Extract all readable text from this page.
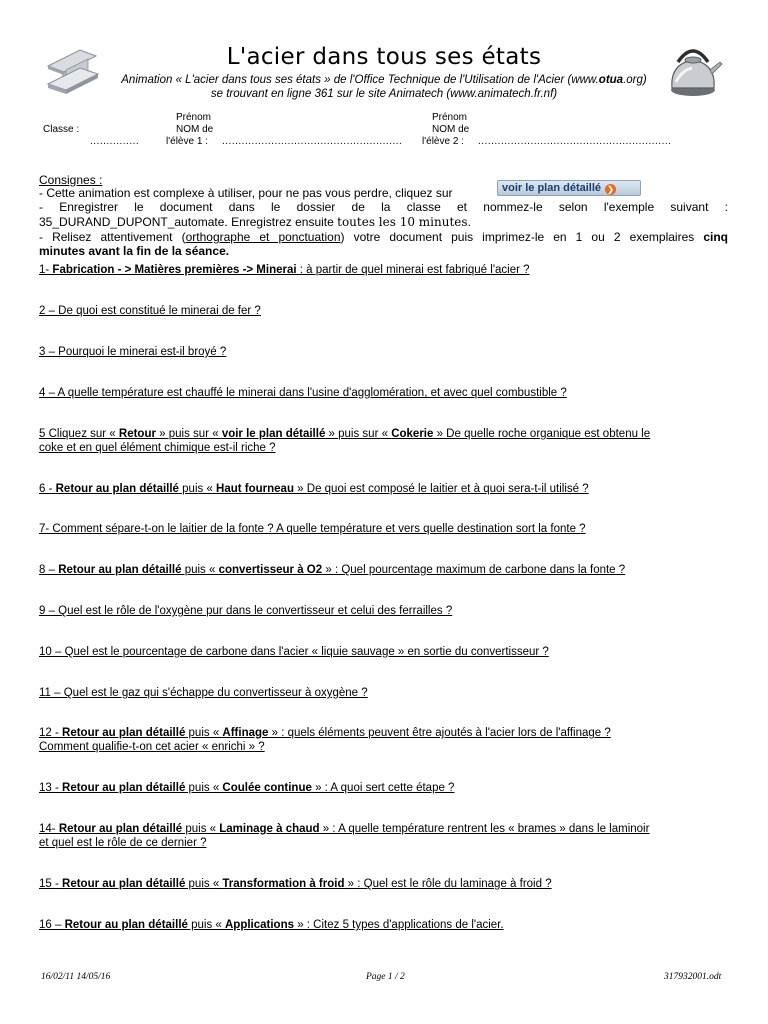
L'acier dans tous ses états
Animation « L'acier dans tous ses états » de l'Office Technique de l'Utilisation de l'Acier (www.otua.org)
se trouvant en ligne 361 sur le site Animatech (www.animatech.fr.nf)
Prénom
NOM de
Classe :
...............	l'élève 1 : .......................................................
Prénom
NOM de
l'élève 2 : ...........................................................
Consignes :
- Cette animation est complexe à utiliser, pour ne pas vous perdre, cliquez sur	voir le plan détaillé ❯
- Enregistrer le document dans le dossier de la classe et nommez-le selon l'exemple suivant :
35_DURAND_DUPONT_automate. Enregistrez ensuite toutes les 10 minutes.
- Relisez attentivement (orthographe et ponctuation) votre document puis imprimez-le en 1 ou 2 exemplaires cinq
minutes avant la fin de la séance.
1- Fabrication - > Matières premières -> Minerai : à partir de quel minerai est fabriqué l'acier ?
2 – De quoi est constitué le minerai de fer ?
3 – Pourquoi le minerai est-il broyé ?
4 – A quelle température est chauffé le minerai dans l'usine d'agglomération, et avec quel combustible ?
5 Cliquez sur « Retour » puis sur « voir le plan détaillé » puis sur « Cokerie » De quelle roche organique est obtenu le
coke et en quel élément chimique est-il riche ?
6 - Retour au plan détaillé puis « Haut fourneau » De quoi est composé le laitier et à quoi sera-t-il utilisé ?
7- Comment sépare-t-on le laitier de la fonte ? A quelle température et vers quelle destination sort la fonte ?
8 – Retour au plan détaillé puis « convertisseur à O2 » : Quel pourcentage maximum de carbone dans la fonte ?
9 – Quel est le rôle de l'oxygène pur dans le convertisseur et celui des ferrailles ?
10 – Quel est le pourcentage de carbone dans l'acier « liquie sauvage » en sortie du convertisseur ?
11 – Quel est le gaz qui s'échappe du convertisseur à oxygène ?
12 - Retour au plan détaillé puis « Affinage » : quels éléments peuvent être ajoutés à l'acier lors de l'affinage ?
Comment qualifie-t-on cet acier « enrichi » ?
13 - Retour au plan détaillé puis « Coulée continue » : A quoi sert cette étape ?
14- Retour au plan détaillé puis « Laminage à chaud » : A quelle température rentrent les « brames » dans le laminoir
et quel est le rôle de ce dernier ?
15 - Retour au plan détaillé puis « Transformation à froid » : Quel est le rôle du laminage à froid ?
16 – Retour au plan détaillé puis « Applications » : Citez 5 types d'applications de l'acier.
16/02/11 14/05/16	Page 1 / 2	317932001.odt
